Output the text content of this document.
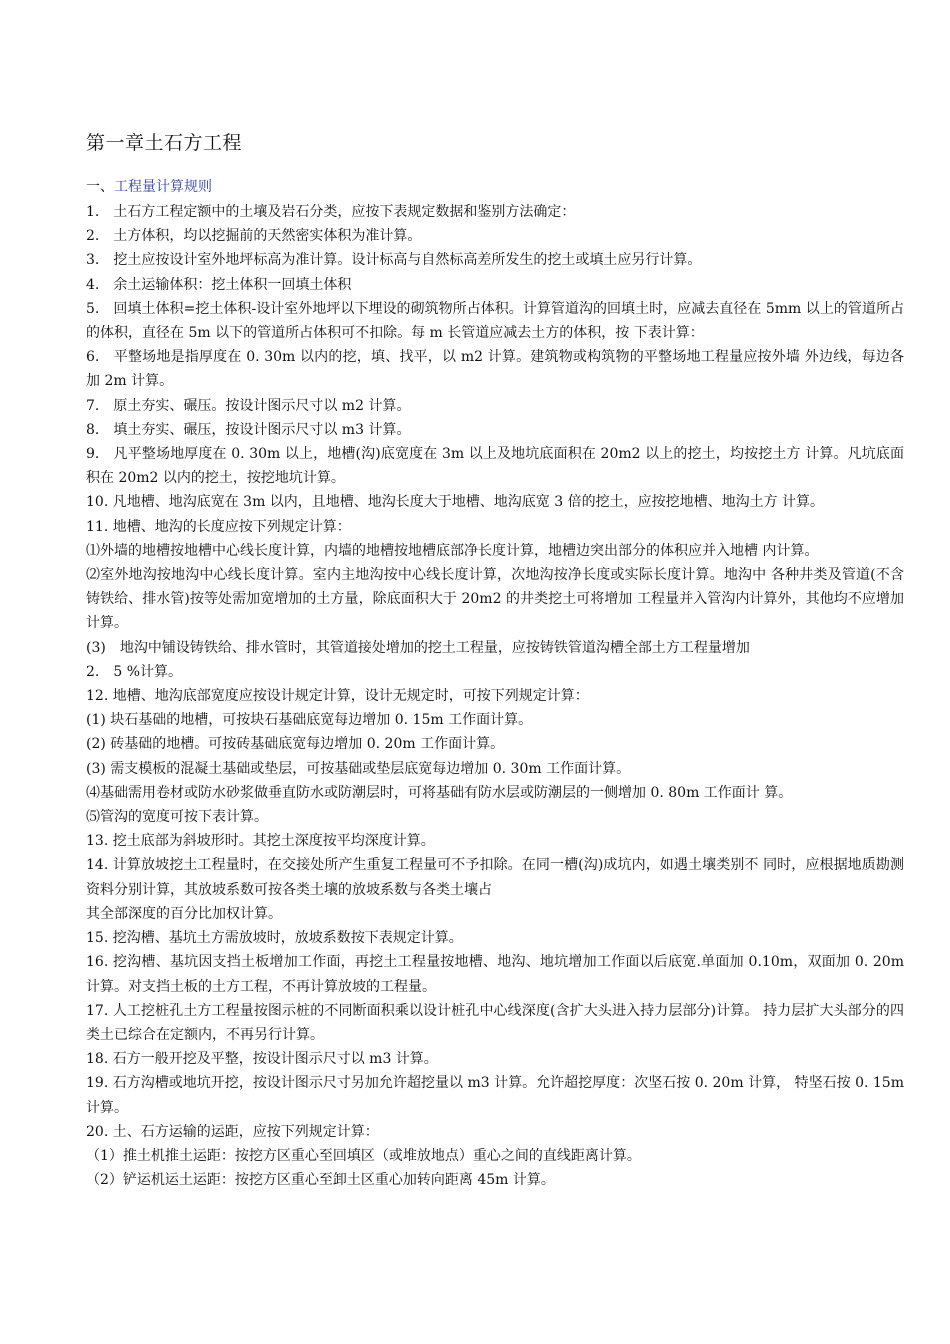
第一章土石方工程
一、工程量计算规则

1.　土石方工程定额中的土壤及岩石分类，应按下表规定数据和鉴别方法确定：

2.　土方体积，均以挖掘前的天然密实体积为准计算。

3.　挖土应按设计室外地坪标高为准计算。设计标高与自然标高差所发生的挖土或填土应另行计算。

4.　余土运输体积：挖土体积一回填土体积

5.　回填土体积=挖土体积-设计室外地坪以下埋设的砌筑物所占体积。计算管道沟的回填土时，应减去直径在 5mm 以上的管道所占的体积，直径在 5m 以下的管道所占体积可不扣除。每 m 长管道应减去土方的体积，按 下表计算：

6.　平整场地是指厚度在 0. 30m 以内的挖，填、找平，以 m2 计算。建筑物或构筑物的平整场地工程量应按外墙 外边线，每边各加 2m 计算。

7.　原土夯实、碾压。按设计图示尺寸以 m2 计算。

8.　填土夯实、碾压，按设计图示尺寸以 m3 计算。

9.　凡平整场地厚度在 0. 30m 以上，地槽(沟)底宽度在 3m 以上及地坑底面积在 20m2 以上的挖土，均按挖土方 计算。凡坑底面积在 20m2 以内的挖土，按挖地坑计算。

10. 凡地槽、地沟底宽在 3m 以内，且地槽、地沟长度大于地槽、地沟底宽 3 倍的挖土，应按挖地槽、地沟土方 计算。

11. 地槽、地沟的长度应按下列规定计算：

⑴外墙的地槽按地槽中心线长度计算，内墙的地槽按地槽底部净长度计算，地槽边突出部分的体积应并入地槽 内计算。

⑵室外地沟按地沟中心线长度计算。室内主地沟按中心线长度计算，次地沟按净长度或实际长度计算。地沟中 各种井类及管道(不含铸铁给、排水管)按等处需加宽增加的土方量，除底面积大于 20m2 的井类挖土可将增加 工程量并入管沟内计算外，其他均不应增加计算。

(3)　地沟中铺设铸铁给、排水管时，其管道接处增加的挖土工程量，应按铸铁管道沟槽全部土方工程量增加

2.　5 %计算。

12. 地槽、地沟底部宽度应按设计规定计算，设计无规定时，可按下列规定计算：

(1) 块石基础的地槽，可按块石基础底宽每边增加 0. 15m 工作面计算。

(2) 砖基础的地槽。可按砖基础底宽每边增加 0. 20m 工作面计算。

(3) 需支模板的混凝土基础或垫层，可按基础或垫层底宽每边增加 0. 30m 工作面计算。

⑷基础需用卷材或防水砂浆做垂直防水或防潮层时，可将基础有防水层或防潮层的一侧增加 0. 80m 工作面计 算。

⑸管沟的宽度可按下表计算。

13. 挖土底部为斜坡形时。其挖土深度按平均深度计算。

14. 计算放坡挖土工程量时，在交接处所产生重复工程量可不予扣除。在同一槽(沟)成坑内，如遇土壤类别不 同时，应根据地质勘测资料分别计算，其放坡系数可按各类土壤的放坡系数与各类土壤占

其全部深度的百分比加权计算。

15. 挖沟槽、基坑土方需放坡时，放坡系数按下表规定计算。

16. 挖沟槽、基坑因支挡土板增加工作面，再挖土工程量按地槽、地沟、地坑增加工作面以后底宽.单面加 0.10m，双面加 0. 20m 计算。对支挡土板的土方工程，不再计算放坡的工程量。

17. 人工挖桩孔土方工程量按图示桩的不同断面积乘以设计桩孔中心线深度(含扩大头进入持力层部分)计算。 持力层扩大头部分的四类土已综合在定额内，不再另行计算。

18. 石方一般开挖及平整，按设计图示尺寸以 m3 计算。

19. 石方沟槽或地坑开挖，按设计图示尺寸另加允许超挖量以 m3 计算。允许超挖厚度：次坚石按 0. 20m 计算， 特坚石按 0. 15m 计算。

20. 土、石方运输的运距，应按下列规定计算：

（1）推土机推土运距：按挖方区重心至回填区（或堆放地点）重心之间的直线距离计算。

（2）铲运机运土运距：按挖方区重心至卸土区重心加转向距离 45m 计算。
